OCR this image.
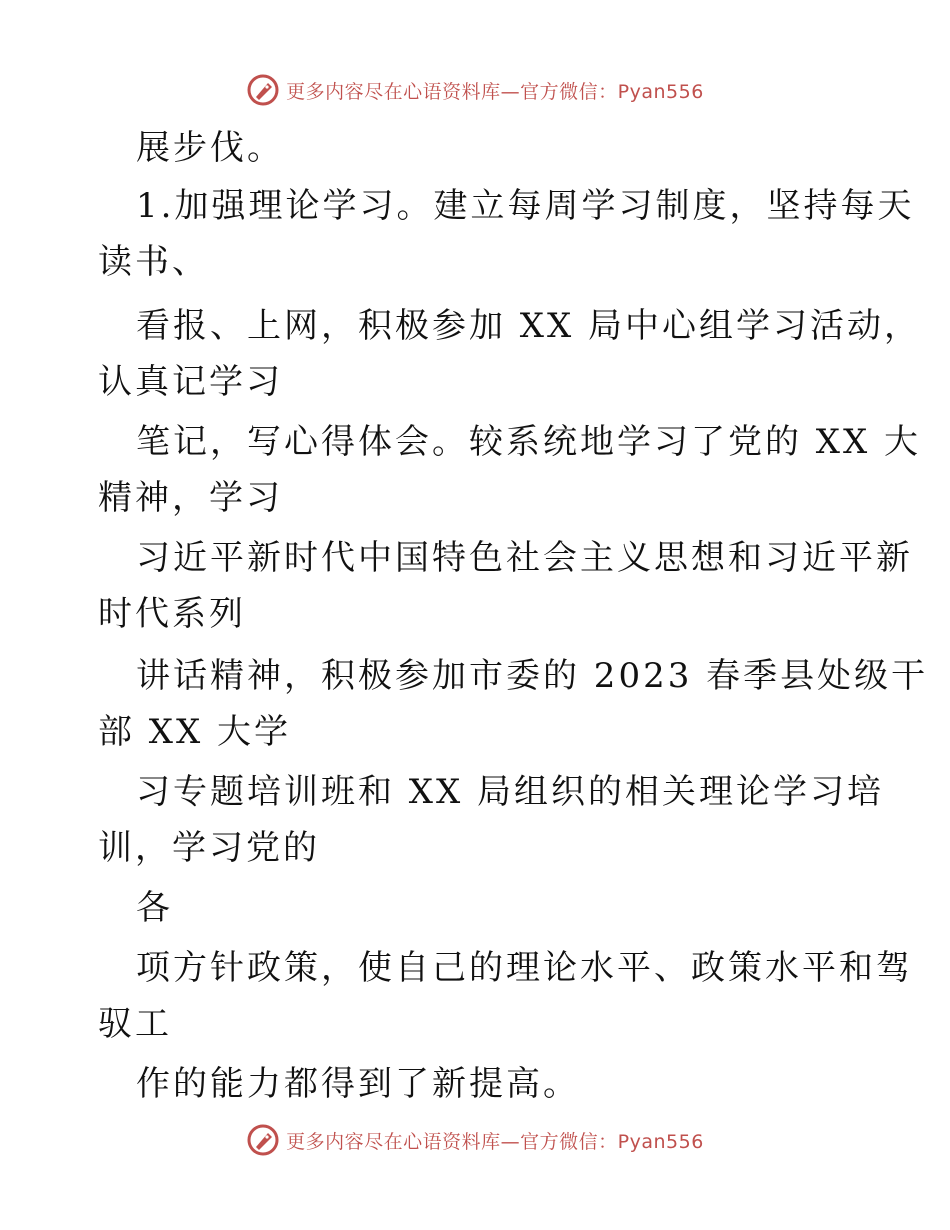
更多内容尽在心语资料库—官方微信：Pyan556
展步伐。
1.加强理论学习。建立每周学习制度，坚持每天
读书、
看报、上网，积极参加 XX 局中心组学习活动，
认真记学习
笔记，写心得体会。较系统地学习了党的 XX 大
精神，学习
习近平新时代中国特色社会主义思想和习近平新
时代系列
讲话精神，积极参加市委的 2023 春季县处级干
部 XX 大学
习专题培训班和 XX 局组织的相关理论学习培
训，学习党的
各
项方针政策，使自己的理论水平、政策水平和驾
驭工
作的能力都得到了新提高。
更多内容尽在心语资料库—官方微信：Pyan556
